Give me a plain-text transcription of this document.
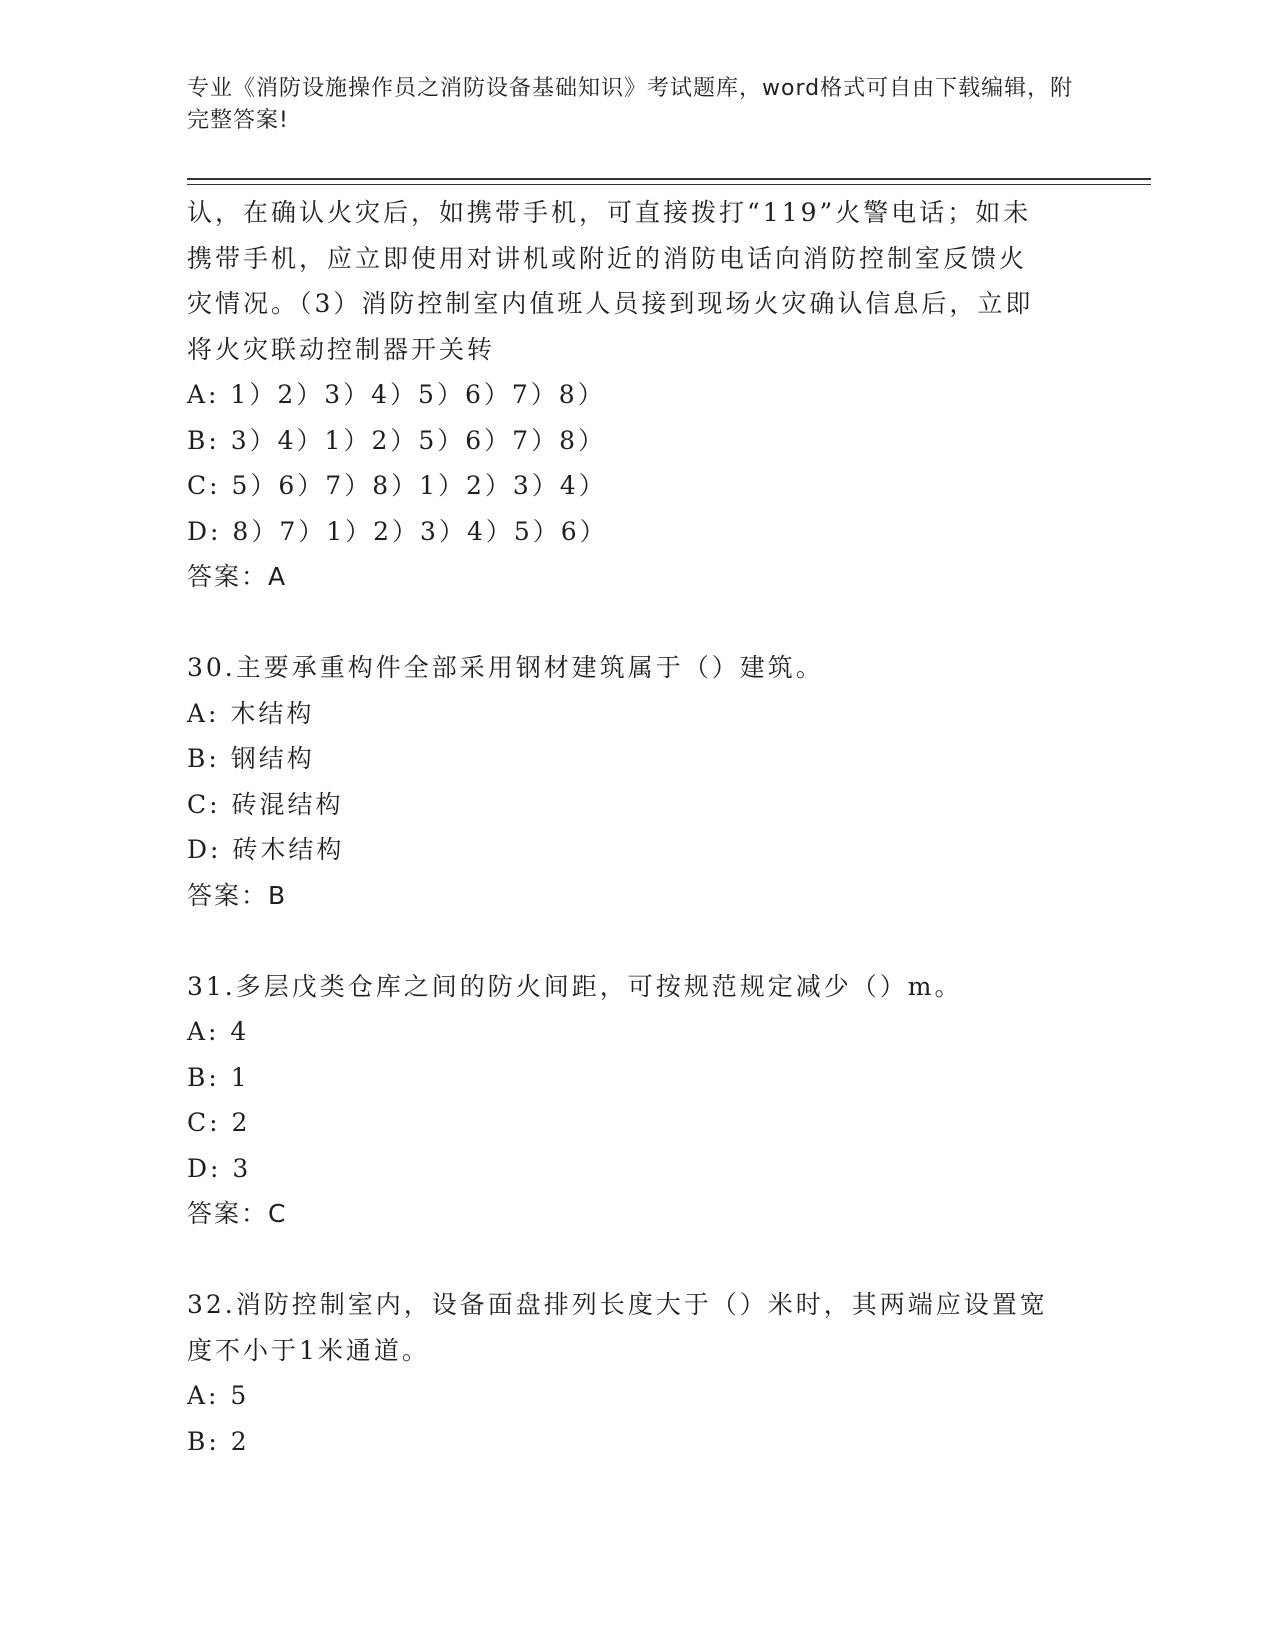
专业《消防设施操作员之消防设备基础知识》考试题库，word格式可自由下载编辑，附完整答案!

认，在确认火灾后，如携带手机，可直接拨打“119”火警电话；如未

携带手机，应立即使用对讲机或附近的消防电话向消防控制室反馈火

灾情况。（3）消防控制室内值班人员接到现场火灾确认信息后，立即

将火灾联动控制器开关转

A: 1）2）3）4）5）6）7）8）

B: 3）4）1）2）5）6）7）8）

C: 5）6）7）8）1）2）3）4）

D: 8）7）1）2）3）4）5）6）

答案：A

30.主要承重构件全部采用钢材建筑属于（）建筑。

A: 木结构

B: 钢结构

C: 砖混结构

D: 砖木结构

答案：B

31.多层戊类仓库之间的防火间距，可按规范规定减少（）m。

A: 4

B: 1

C: 2

D: 3

答案：C

32.消防控制室内，设备面盘排列长度大于（）米时，其两端应设置宽

度不小于1米通道。

A: 5

B: 2
